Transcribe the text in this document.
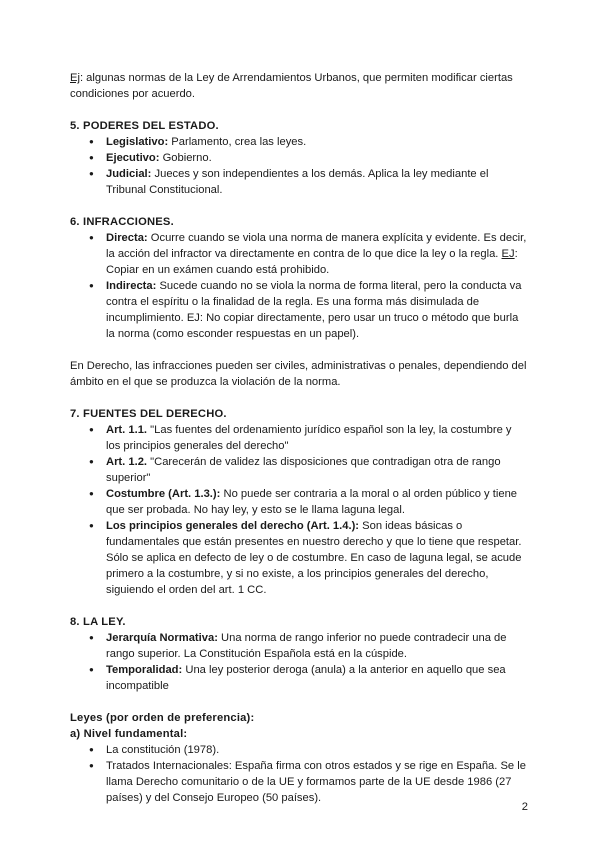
Ej: algunas normas de la Ley de Arrendamientos Urbanos, que permiten modificar ciertas condiciones por acuerdo.

5. PODERES DEL ESTADO.
● Legislativo: Parlamento, crea las leyes.
● Ejecutivo: Gobierno.
● Judicial: Jueces y son independientes a los demás. Aplica la ley mediante el Tribunal Constitucional.
6. INFRACCIONES.
● Directa: Ocurre cuando se viola una norma de manera explícita y evidente. Es decir, la acción del infractor va directamente en contra de lo que dice la ley o la regla. EJ: Copiar en un exámen cuando está prohibido.
● Indirecta: Sucede cuando no se viola la norma de forma literal, pero la conducta va contra el espíritu o la finalidad de la regla. Es una forma más disimulada de incumplimiento. EJ: No copiar directamente, pero usar un truco o método que burla la norma (como esconder respuestas en un papel).

En Derecho, las infracciones pueden ser civiles, administrativas o penales, dependiendo del ámbito en el que se produzca la violación de la norma.

7. FUENTES DEL DERECHO.
● Art. 1.1. "Las fuentes del ordenamiento jurídico español son la ley, la costumbre y los principios generales del derecho"
● Art. 1.2. "Carecerán de validez las disposiciones que contradigan otra de rango superior"
● Costumbre (Art. 1.3.): No puede ser contraria a la moral o al orden público y tiene que ser probada. No hay ley, y esto se le llama laguna legal.
● Los principios generales del derecho (Art. 1.4.): Son ideas básicas o fundamentales que están presentes en nuestro derecho y que lo tiene que respetar. Sólo se aplica en defecto de ley o de costumbre. En caso de laguna legal, se acude primero a la costumbre, y si no existe, a los principios generales del derecho, siguiendo el orden del art. 1 CC.
8. LA LEY.
● Jerarquía Normativa: Una norma de rango inferior no puede contradecir una de rango superior. La Constitución Española está en la cúspide.
● Temporalidad: Una ley posterior deroga (anula) a la anterior en aquello que sea incompatible
Leyes (por orden de preferencia):
a) Nivel fundamental:
● La constitución (1978).
● Tratados Internacionales: España firma con otros estados y se rige en España. Se le llama Derecho comunitario o de la UE y formamos parte de la UE desde 1986 (27 países) y del Consejo Europeo (50 países).
2
